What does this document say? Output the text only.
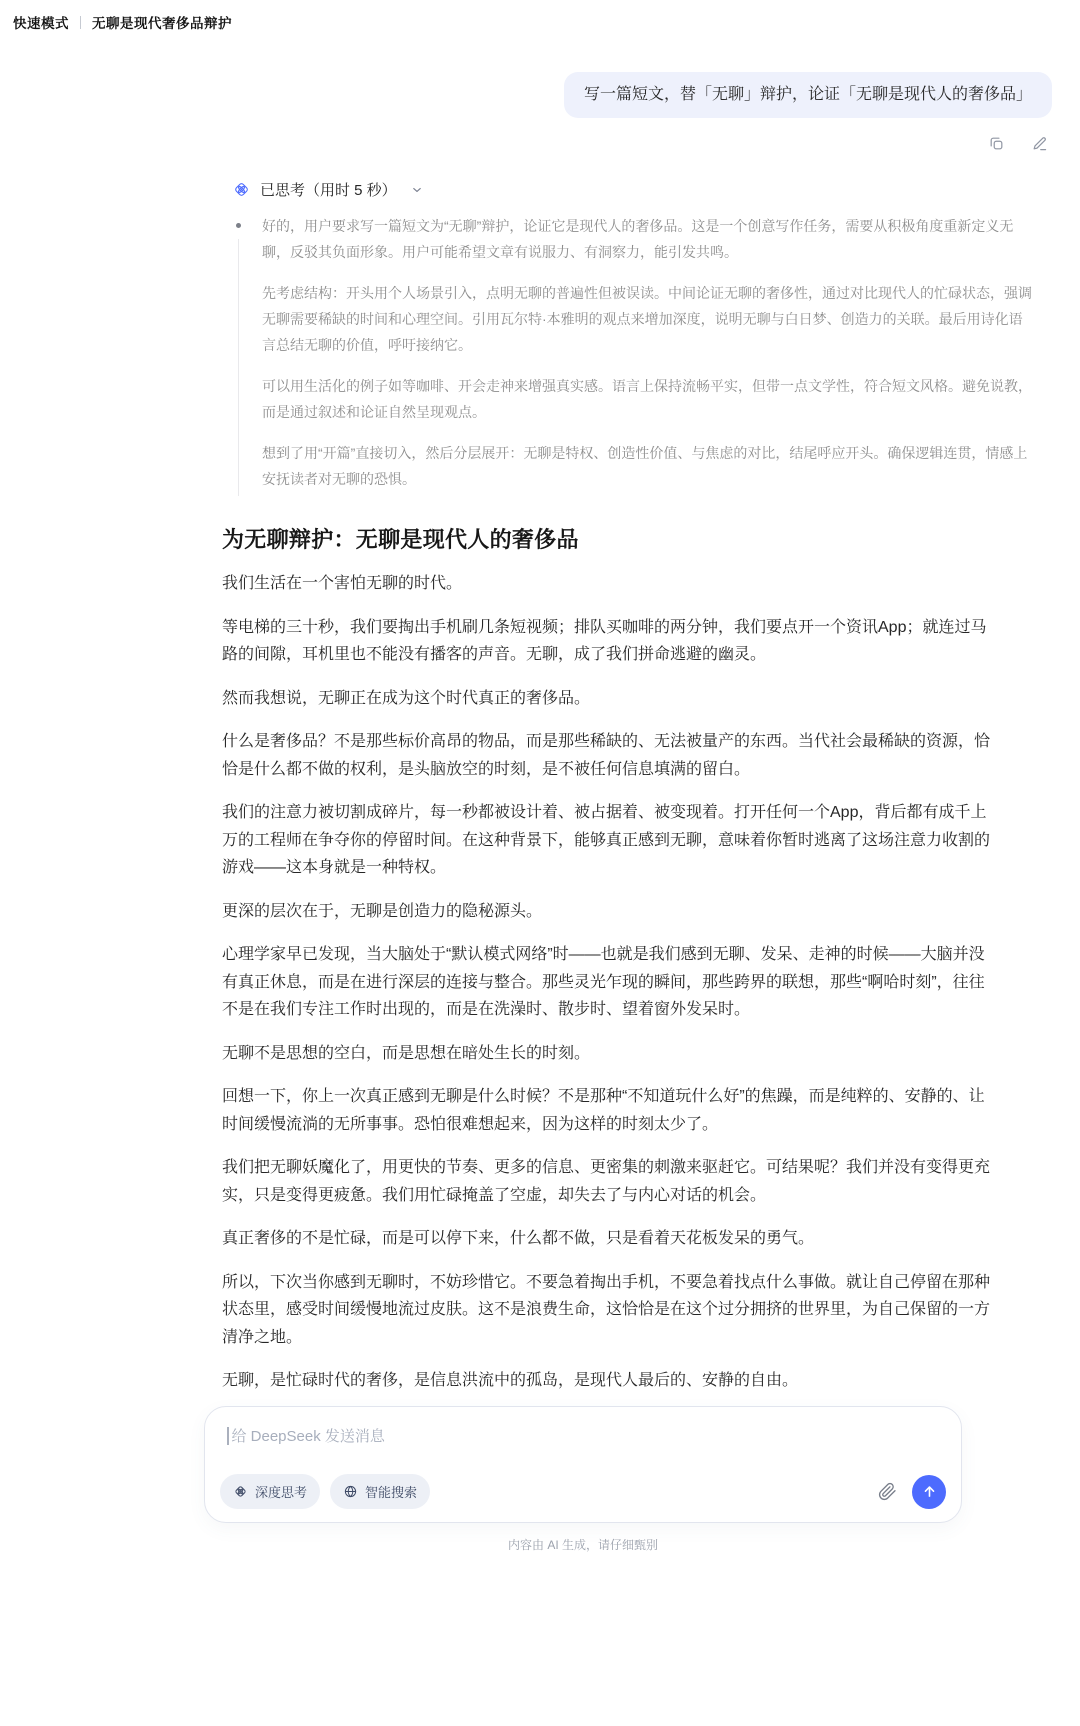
快速模式 无聊是现代奢侈品辩护
写一篇短文，替「无聊」辩护，论证「无聊是现代人的奢侈品」
已思考（用时 5 秒）

好的，用户要求写一篇短文为“无聊”辩护，论证它是现代人的奢侈品。这是一个创意写作任务，需要从积极角度重新定义无聊，反驳其负面形象。用户可能希望文章有说服力、有洞察力，能引发共鸣。

先考虑结构：开头用个人场景引入，点明无聊的普遍性但被误读。中间论证无聊的奢侈性，通过对比现代人的忙碌状态，强调无聊需要稀缺的时间和心理空间。引用瓦尔特·本雅明的观点来增加深度，说明无聊与白日梦、创造力的关联。最后用诗化语言总结无聊的价值，呼吁接纳它。

可以用生活化的例子如等咖啡、开会走神来增强真实感。语言上保持流畅平实，但带一点文学性，符合短文风格。避免说教，而是通过叙述和论证自然呈现观点。

想到了用“开篇”直接切入，然后分层展开：无聊是特权、创造性价值、与焦虑的对比，结尾呼应开头。确保逻辑连贯，情感上安抚读者对无聊的恐惧。

为无聊辩护：无聊是现代人的奢侈品

我们生活在一个害怕无聊的时代。

等电梯的三十秒，我们要掏出手机刷几条短视频；排队买咖啡的两分钟，我们要点开一个资讯App；就连过马路的间隙，耳机里也不能没有播客的声音。无聊，成了我们拼命逃避的幽灵。

然而我想说，无聊正在成为这个时代真正的奢侈品。

什么是奢侈品？不是那些标价高昂的物品，而是那些稀缺的、无法被量产的东西。当代社会最稀缺的资源，恰恰是什么都不做的权利，是头脑放空的时刻，是不被任何信息填满的留白。

我们的注意力被切割成碎片，每一秒都被设计着、被占据着、被变现着。打开任何一个App，背后都有成千上万的工程师在争夺你的停留时间。在这种背景下，能够真正感到无聊，意味着你暂时逃离了这场注意力收割的游戏——这本身就是一种特权。

更深的层次在于，无聊是创造力的隐秘源头。

心理学家早已发现，当大脑处于“默认模式网络”时——也就是我们感到无聊、发呆、走神的时候——大脑并没有真正休息，而是在进行深层的连接与整合。那些灵光乍现的瞬间，那些跨界的联想，那些“啊哈时刻”，往往不是在我们专注工作时出现的，而是在洗澡时、散步时、望着窗外发呆时。

无聊不是思想的空白，而是思想在暗处生长的时刻。

回想一下，你上一次真正感到无聊是什么时候？不是那种“不知道玩什么好”的焦躁，而是纯粹的、安静的、让时间缓慢流淌的无所事事。恐怕很难想起来，因为这样的时刻太少了。

我们把无聊妖魔化了，用更快的节奏、更多的信息、更密集的刺激来驱赶它。可结果呢？我们并没有变得更充实，只是变得更疲惫。我们用忙碌掩盖了空虚，却失去了与内心对话的机会。

真正奢侈的不是忙碌，而是可以停下来，什么都不做，只是看着天花板发呆的勇气。

所以，下次当你感到无聊时，不妨珍惜它。不要急着掏出手机，不要急着找点什么事做。就让自己停留在那种状态里，感受时间缓慢地流过皮肤。这不是浪费生命，这恰恰是在这个过分拥挤的世界里，为自己保留的一方清净之地。

无聊，是忙碌时代的奢侈，是信息洪流中的孤岛，是现代人最后的、安静的自由。

给 DeepSeek 发送消息
深度思考	智能搜索
内容由 AI 生成，请仔细甄别
